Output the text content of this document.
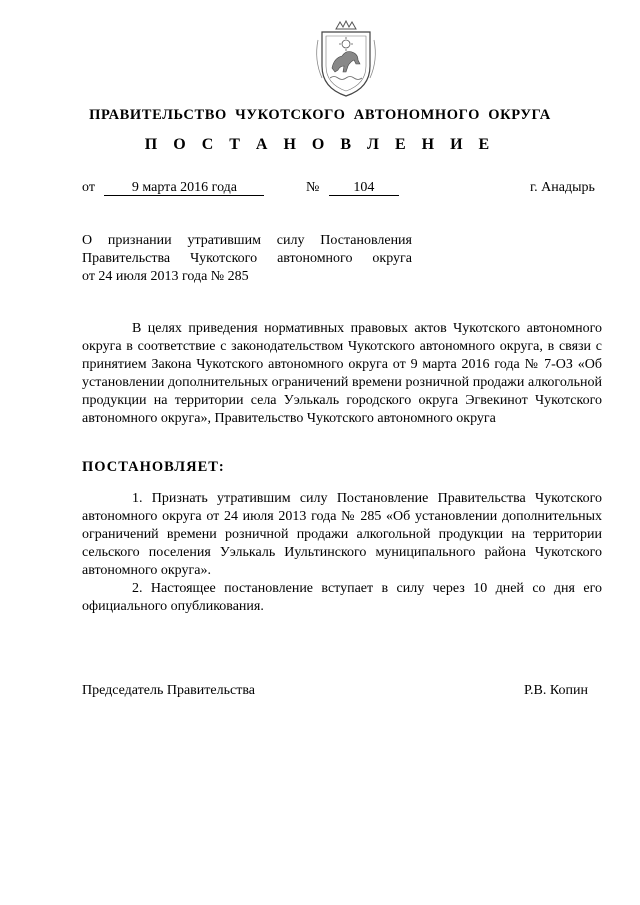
ПРАВИТЕЛЬСТВО ЧУКОТСКОГО АВТОНОМНОГО ОКРУГА
П О С Т А Н О В Л Е Н И Е
от	9 марта 2016 года	№ 104	г. Анадырь
О признании утратившим силу Постановления
Правительства Чукотского автономного округа
от 24 июля 2013 года № 285
В целях приведения нормативных правовых актов Чукотского автономного округа в соответствие с законодательством Чукотского автономного округа, в связи с принятием Закона Чукотского автономного округа от 9 марта 2016 года № 7-ОЗ «Об установлении дополнительных ограничений времени розничной продажи алкогольной продукции на территории села Уэлькаль городского округа Эгвекинот Чукотского автономного округа», Правительство Чукотского автономного округа
ПОСТАНОВЛЯЕТ:
1. Признать утратившим силу Постановление Правительства Чукотского автономного округа от 24 июля 2013 года № 285 «Об установлении дополнительных ограничений времени розничной продажи алкогольной продукции на территории сельского поселения Уэлькаль Иультинского муниципального района Чукотского автономного округа».
2. Настоящее постановление вступает в силу через 10 дней со дня его официального опубликования.
Председатель Правительства	Р.В. Копин
